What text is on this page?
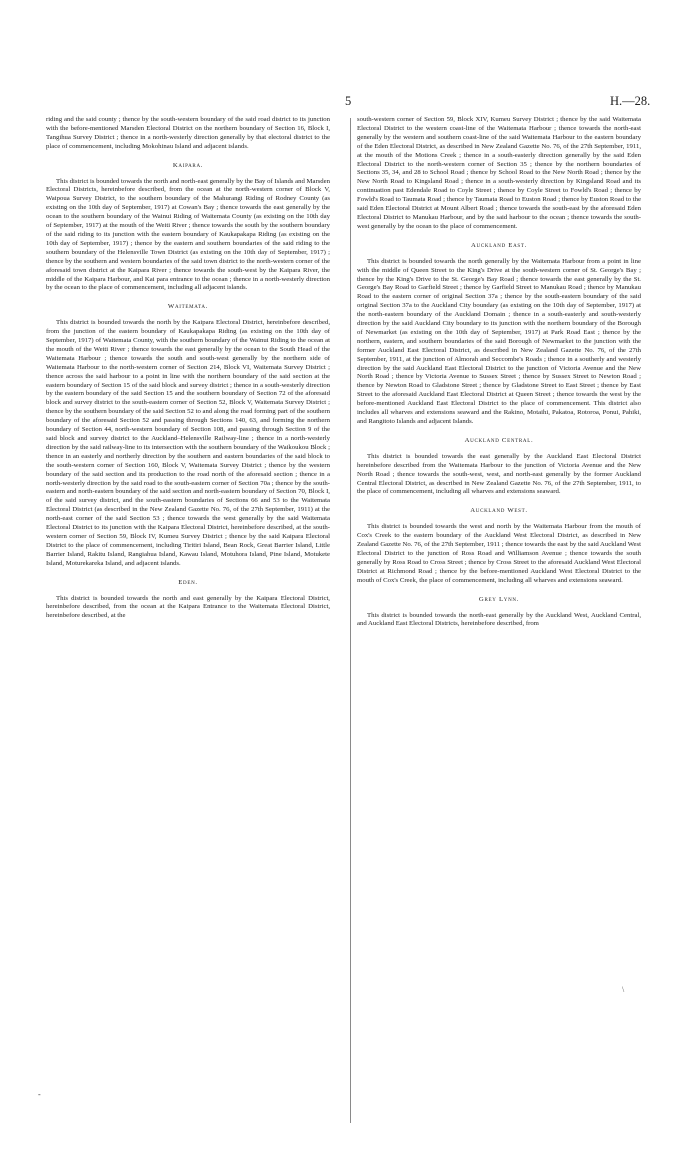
5	H.—28.

riding and the said county ; thence by the south-western boundary of the said road district to its junction with the before-mentioned Marsden Electoral District on the northern boundary of Section 16, Block I, Tangihua Survey District ; thence in a north-westerly direction generally by that electoral district to the place of commencement, including Mokohinau Island and adjacent islands.

Kaipara.

This district is bounded towards the north and north-east generally by the Bay of Islands and Marsden Electoral Districts, hereinbefore described, from the ocean at the north-western corner of Block V, Waipoua Survey District, to the southern boundary of the Mahurangi Riding of Rodney County (as existing on the 10th day of September, 1917) at Cowan's Bay ; thence towards the east generally by the ocean to the southern boundary of the Wainui Riding of Waitemata County (as existing on the 10th day of September, 1917) at the mouth of the Weiti River ; thence towards the south by the southern boundary of the said riding to its junction with the eastern boundary of Kaukapakapa Riding (as existing on the 10th day of September, 1917) ; thence by the eastern and southern boundaries of the said riding to the southern boundary of the Helensville Town District (as existing on the 10th day of September, 1917) ; thence by the southern and western boundaries of the said town district to the north-western corner of the aforesaid town district at the Kaipara River ; thence towards the south-west by the Kaipara River, the middle of the Kaipara Harbour, and Kai para entrance to the ocean ; thence in a north-westerly direction by the ocean to the place of commencement, including all adjacent islands.

Waitemata.

This district is bounded towards the north by the Kaipara Electoral District, hereinbefore described, from the junction of the eastern boundary of Kaukapakapa Riding (as existing on the 10th day of September, 1917) of Waitemata County, with the southern boundary of the Wainui Riding to the ocean at the mouth of the Weiti River ; thence towards the east generally by the ocean to the South Head of the Waitemata Harbour ; thence towards the south and south-west generally by the northern side of Waitemata Harbour to the north-western corner of Section 214, Block VI, Waitemata Survey District ; thence across the said harbour to a point in line with the northern boundary of the said section at the eastern boundary of Section 15 of the said block and survey district ; thence in a south-westerly direction by the eastern boundary of the said Section 15 and the southern boundary of Section 72 of the aforesaid block and survey district to the south-eastern corner of Section 52, Block V, Waitemata Survey District ; thence by the southern boundary of the said Section 52 to and along the road forming part of the southern boundary of the aforesaid Section 52 and passing through Sections 140, 63, and forming the northern boundary of Section 44, north-western boundary of Section 108, and passing through Section 9 of the said block and survey district to the Auckland–Helensville Railway-line ; thence in a north-westerly direction by the said railway-line to its intersection with the southern boundary of the Waikoukou Block ; thence in an easterly and northerly direction by the southern and eastern boundaries of the said block to the south-western corner of Section 160, Block V, Waitemata Survey District ; thence by the western boundary of the said section and its production to the road north of the aforesaid section ; thence in a north-westerly direction by the said road to the south-eastern corner of Section 70a ; thence by the south-eastern and north-eastern boundary of the said section and north-eastern boundary of Section 70, Block I, of the said survey district, and the south-eastern boundaries of Sections 66 and 53 to the Waitemata Electoral District (as described in the New Zealand Gazette No. 76, of the 27th September, 1911) at the north-east corner of the said Section 53 ; thence towards the west generally by the said Waitemata Electoral District to its junction with the Kaipara Electoral District, hereinbefore described, at the south-western corner of Section 59, Block IV, Kumeu Survey District ; thence by the said Kaipara Electoral District to the place of commencement, including Tiritiri Island, Bean Rock, Great Barrier Island, Little Barrier Island, Rakitu Island, Rangiahua Island, Kawau Island, Motuhora Island, Pine Island, Motukete Island, Moturekareka Island, and adjacent islands.

Eden.

This district is bounded towards the north and east generally by the Kaipara Electoral District, hereinbefore described, from the ocean at the Kaipara Entrance to the Waitemata Electoral District, hereinbefore described, at the

south-western corner of Section 59, Block XIV, Kumeu Survey District ; thence by the said Waitemata Electoral District to the western coast-line of the Waitemata Harbour ; thence towards the north-east generally by the western and southern coast-line of the said Waitemata Harbour to the eastern boundary of the Eden Electoral District, as described in New Zealand Gazette No. 76, of the 27th September, 1911, at the mouth of the Motions Creek ; thence in a south-easterly direction generally by the said Eden Electoral District to the north-western corner of Section 35 ; thence by the northern boundaries of Sections 35, 34, and 28 to School Road ; thence by School Road to the New North Road ; thence by the New North Road to Kingsland Road ; thence in a south-westerly direction by Kingsland Road and its continuation past Edendale Road to Coyle Street ; thence by Coyle Street to Fowld's Road ; thence by Fowld's Road to Taumata Road ; thence by Taumata Road to Euston Road ; thence by Euston Road to the said Eden Electoral District at Mount Albert Road ; thence towards the south-east by the aforesaid Eden Electoral District to Manukau Harbour, and by the said harbour to the ocean ; thence towards the south-west generally by the ocean to the place of commencement.

Auckland East.

This district is bounded towards the north generally by the Waitemata Harbour from a point in line with the middle of Queen Street to the King's Drive at the south-western corner of St. George's Bay ; thence by the King's Drive to the St. George's Bay Road ; thence towards the east generally by the St. George's Bay Road to Garfield Street ; thence by Garfield Street to Manukau Road ; thence by Manukau Road to the eastern corner of original Section 37a ; thence by the south-eastern boundary of the said original Section 37a to the Auckland City boundary (as existing on the 10th day of September, 1917) at the north-eastern boundary of the Auckland Domain ; thence in a south-easterly and south-westerly direction by the said Auckland City boundary to its junction with the northern boundary of the Borough of Newmarket (as existing on the 10th day of September, 1917) at Park Road East ; thence by the northern, eastern, and southern boundaries of the said Borough of Newmarket to the junction with the former Auckland East Electoral District, as described in New Zealand Gazette No. 76, of the 27th September, 1911, at the junction of Almorah and Seccombe's Roads ; thence in a southerly and westerly direction by the said Auckland East Electoral District to the junction of Victoria Avenue and the New North Road ; thence by Victoria Avenue to Sussex Street ; thence by Sussex Street to Newton Road ; thence by Newton Road to Gladstone Street ; thence by Gladstone Street to East Street ; thence by East Street to the aforesaid Auckland East Electoral District at Queen Street ; thence towards the west by the before-mentioned Auckland East Electoral District to the place of commencement. This district also includes all wharves and extensions seaward and the Rakino, Motaihi, Pakatoa, Rotoroa, Ponui, Pahiki, and Rangitoto Islands and adjacent Islands.

Auckland Central.

This district is bounded towards the east generally by the Auckland East Electoral District hereinbefore described from the Waitemata Harbour to the junction of Victoria Avenue and the New North Road ; thence towards the south-west, west, and north-east generally by the former Auckland Central Electoral District, as described in New Zealand Gazette No. 76, of the 27th September, 1911, to the place of commencement, including all wharves and extensions seaward.

Auckland West.

This district is bounded towards the west and north by the Waitemata Harbour from the mouth of Cox's Creek to the eastern boundary of the Auckland West Electoral District, as described in New Zealand Gazette No. 76, of the 27th September, 1911 ; thence towards the east by the said Auckland West Electoral District to the junction of Ross Road and Williamson Avenue ; thence towards the south generally by Ross Road to Cross Street ; thence by Cross Street to the aforesaid Auckland West Electoral District at Richmond Road ; thence by the before-mentioned Auckland West Electoral District to the mouth of Cox's Creek, the place of commencement, including all wharves and extensions seaward.

Grey Lynn.

This district is bounded towards the north-east generally by the Auckland West, Auckland Central, and Auckland East Electoral Districts, hereinbefore described, from

\
-
